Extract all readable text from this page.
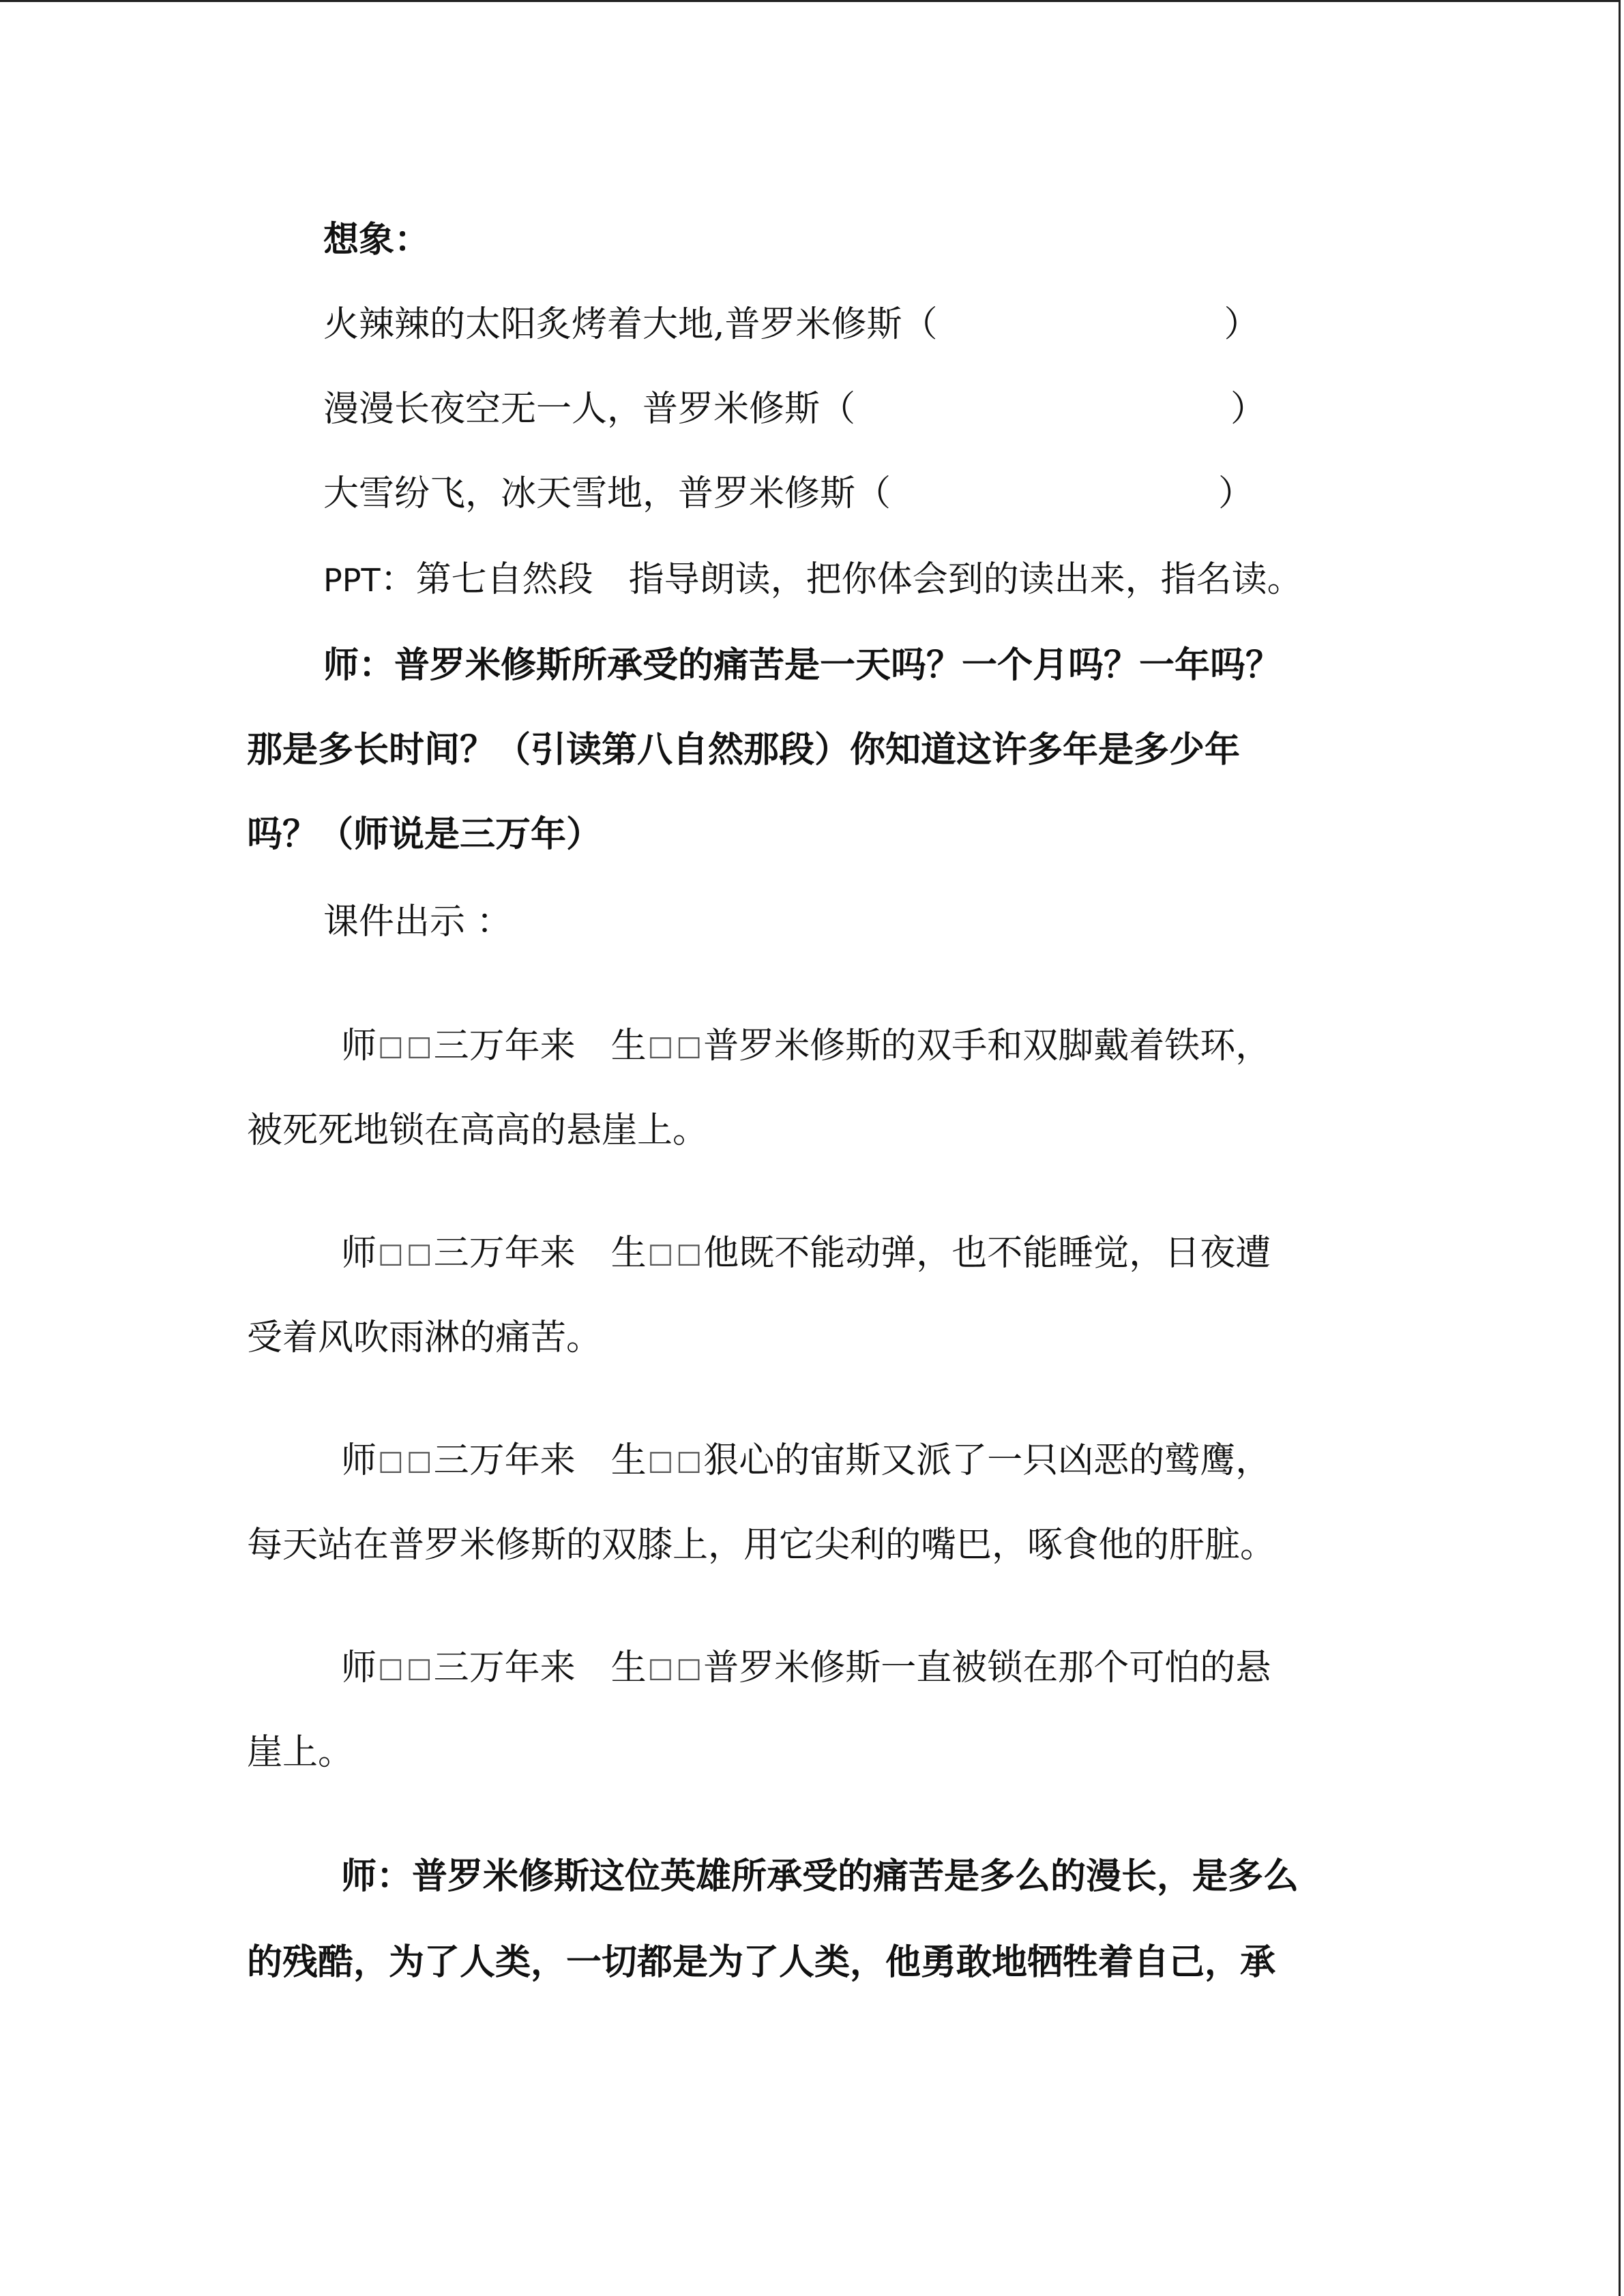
想象：
火辣辣的太阳炙烤着大地,普罗米修斯（	）
漫漫长夜空无一人，普罗米修斯（	）
大雪纷飞，冰天雪地，普罗米修斯（	）
PPT：第七自然段　指导朗读，把你体会到的读出来，指名读。
师：普罗米修斯所承受的痛苦是一天吗？一个月吗？一年吗？
那是多长时间？（引读第八自然那段）你知道这许多年是多少年
吗？（师说是三万年）
课件出示 ：
师□ □三万年来　生□ □普罗米修斯的双手和双脚戴着铁环，
被死死地锁在高高的悬崖上。
师□ □三万年来　生□ □他既不能动弹，也不能睡觉，日夜遭
受着风吹雨淋的痛苦。
师□ □三万年来　生□ □狠心的宙斯又派了一只凶恶的鹫鹰，
每天站在普罗米修斯的双膝上，用它尖利的嘴巴，啄食他的肝脏。
师□ □三万年来　生□ □普罗米修斯一直被锁在那个可怕的悬
崖上。
师：普罗米修斯这位英雄所承受的痛苦是多么的漫长，是多么
的残酷，为了人类，一切都是为了人类，他勇敢地牺牲着自己，承
